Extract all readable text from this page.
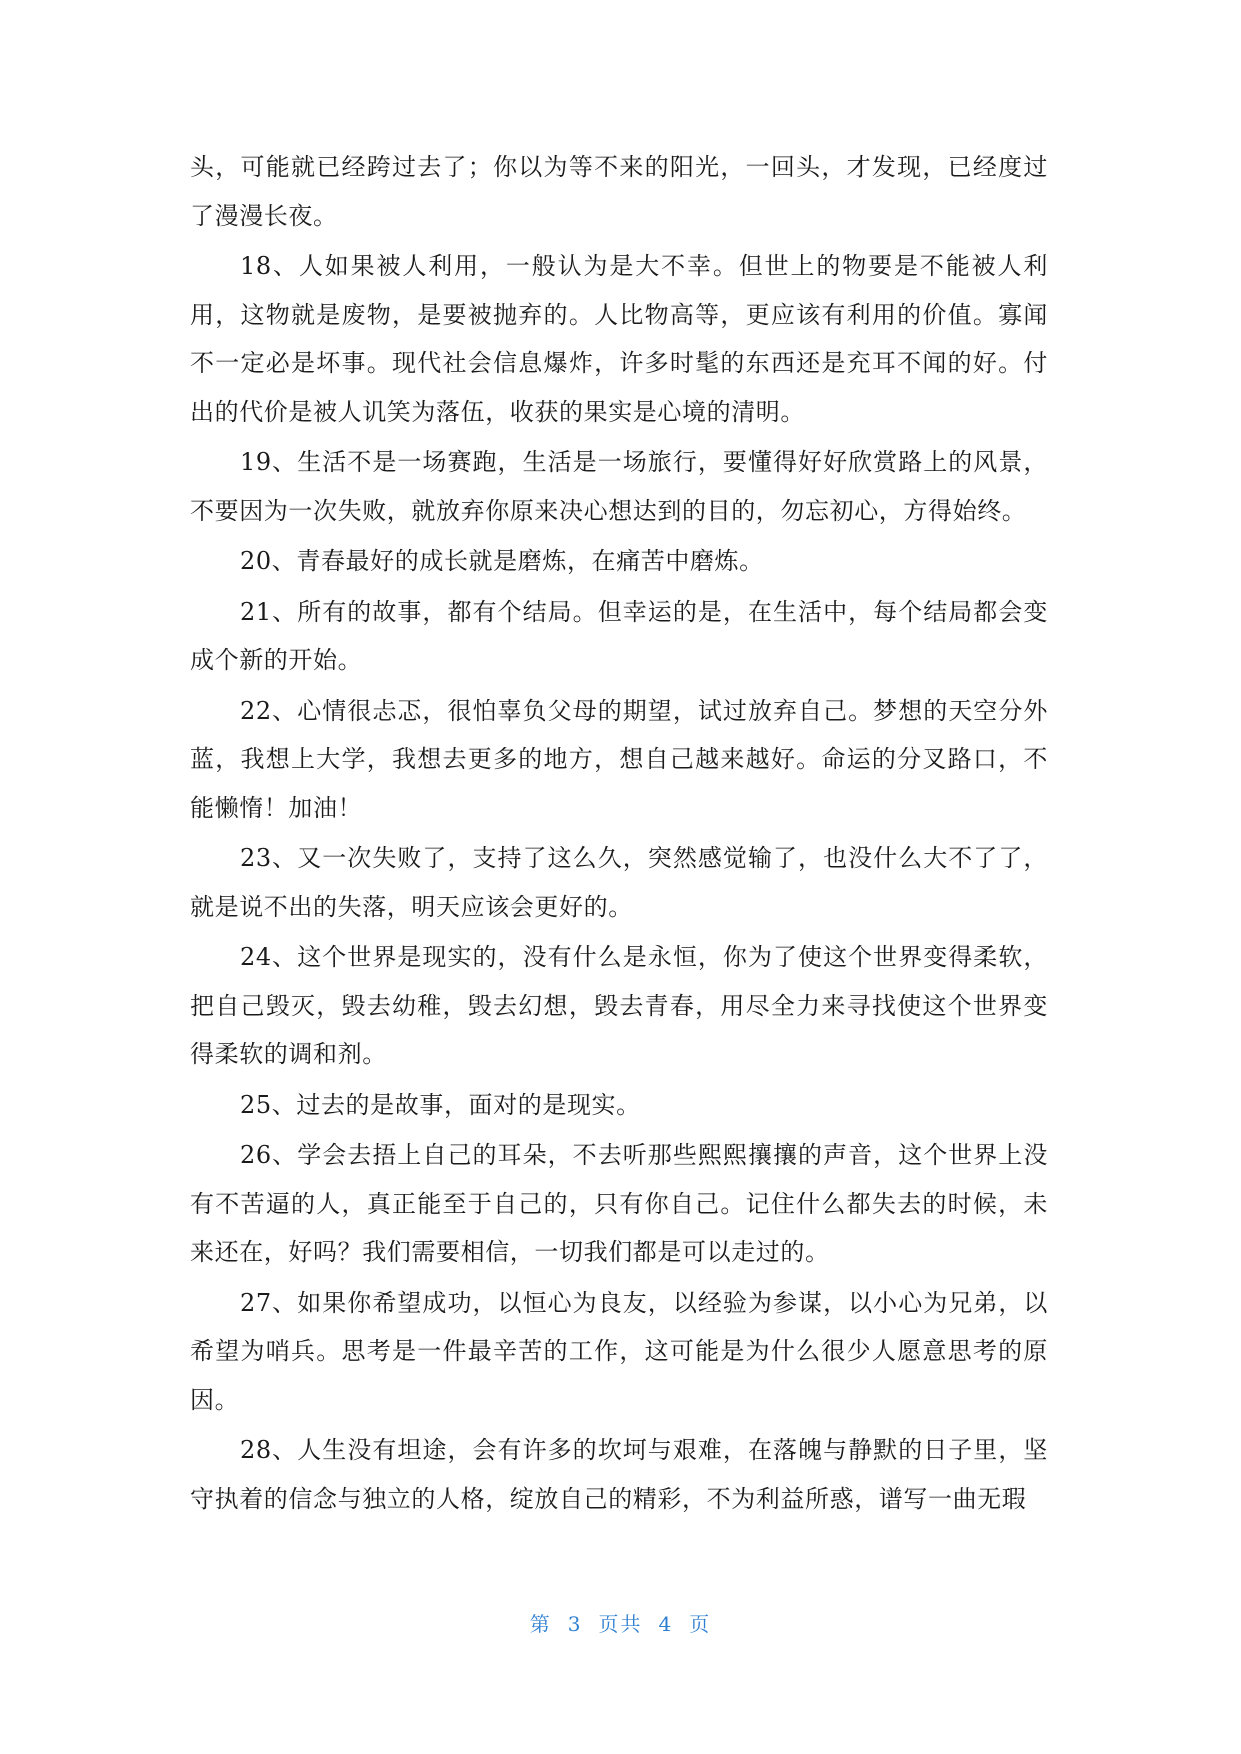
头，可能就已经跨过去了；你以为等不来的阳光，一回头，才发现，已经度过了漫漫长夜。

18、人如果被人利用，一般认为是大不幸。但世上的物要是不能被人利用，这物就是废物，是要被抛弃的。人比物高等，更应该有利用的价值。寡闻不一定必是坏事。现代社会信息爆炸，许多时髦的东西还是充耳不闻的好。付出的代价是被人讥笑为落伍，收获的果实是心境的清明。

19、生活不是一场赛跑，生活是一场旅行，要懂得好好欣赏路上的风景，不要因为一次失败，就放弃你原来决心想达到的目的，勿忘初心，方得始终。

20、青春最好的成长就是磨炼，在痛苦中磨炼。

21、所有的故事，都有个结局。但幸运的是，在生活中，每个结局都会变成个新的开始。

22、心情很忐忑，很怕辜负父母的期望，试过放弃自己。梦想的天空分外蓝，我想上大学，我想去更多的地方，想自己越来越好。命运的分叉路口，不能懒惰！加油！

23、又一次失败了，支持了这么久，突然感觉输了，也没什么大不了了，就是说不出的失落，明天应该会更好的。

24、这个世界是现实的，没有什么是永恒，你为了使这个世界变得柔软，把自己毁灭，毁去幼稚，毁去幻想，毁去青春，用尽全力来寻找使这个世界变得柔软的调和剂。

25、过去的是故事，面对的是现实。

26、学会去捂上自己的耳朵，不去听那些熙熙攘攘的声音，这个世界上没有不苦逼的人，真正能至于自己的，只有你自己。记住什么都失去的时候，未来还在，好吗？我们需要相信，一切我们都是可以走过的。

27、如果你希望成功，以恒心为良友，以经验为参谋，以小心为兄弟，以希望为哨兵。思考是一件最辛苦的工作，这可能是为什么很少人愿意思考的原因。

28、人生没有坦途，会有许多的坎坷与艰难，在落魄与静默的日子里，坚守执着的信念与独立的人格，绽放自己的精彩，不为利益所惑，谱写一曲无瑕

第 3 页共 4 页
